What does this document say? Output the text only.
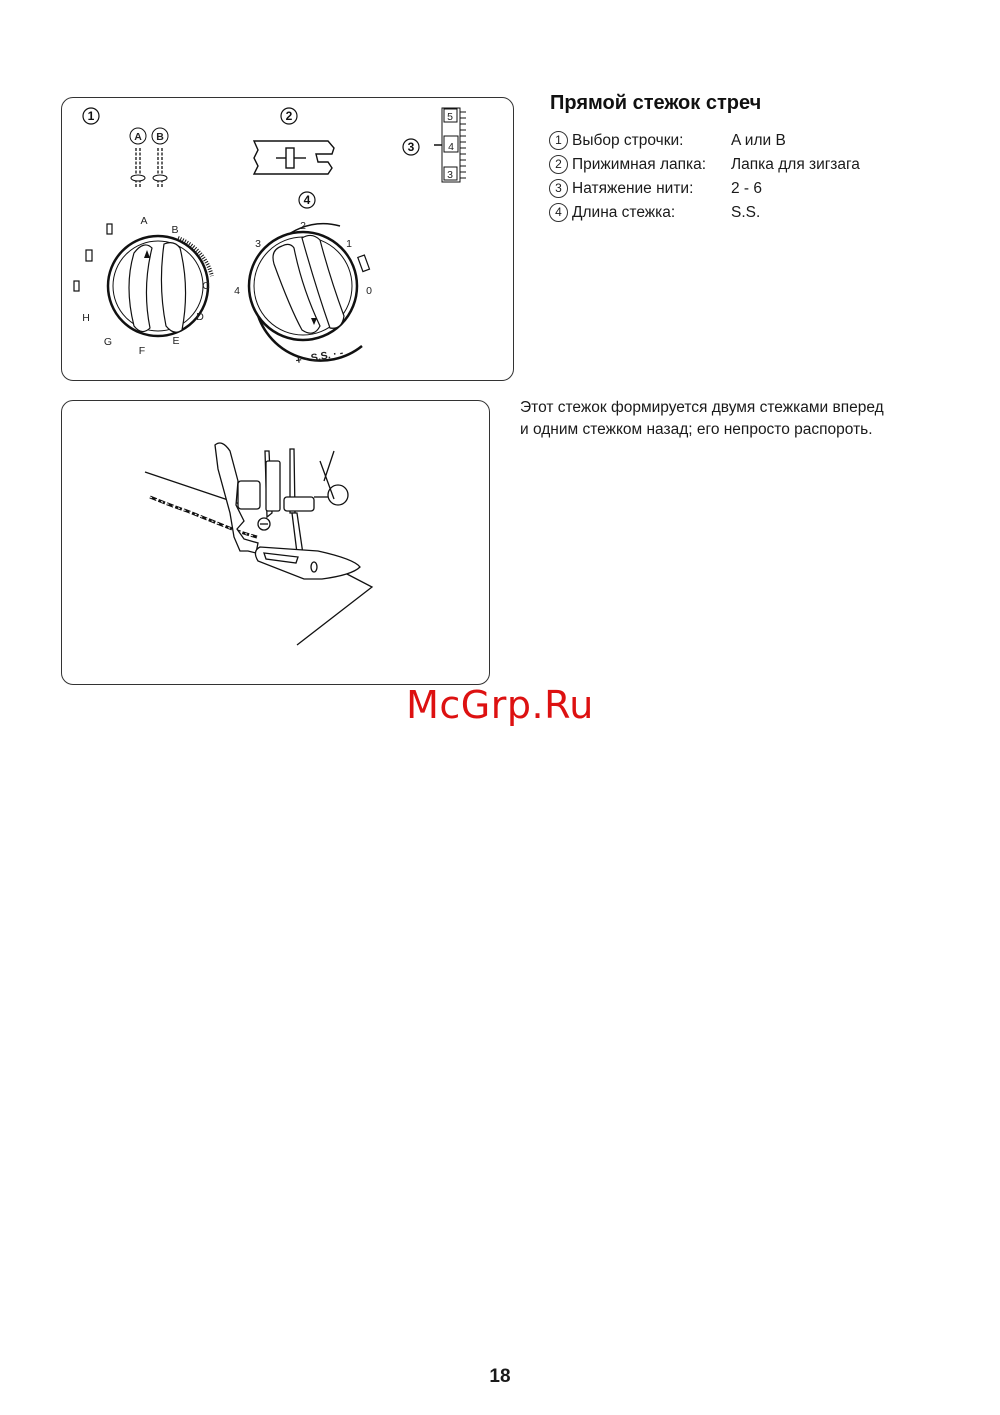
1	2
3
4
A B
5
4
3
A
B
C
D
E
F
G
H
0
1
2
3
4
+ · S.S. · -
Прямой стежок стреч
1 Выбор строчки:	A или B
2 Прижимная лапка: Лапка для зигзага
3 Натяжение нити: 2 - 6
4 Длина стежка:	S.S.

Этот стежок формируется двумя стежками вперед

и одним стежком назад; его непросто распороть.

McGrp.Ru
18
